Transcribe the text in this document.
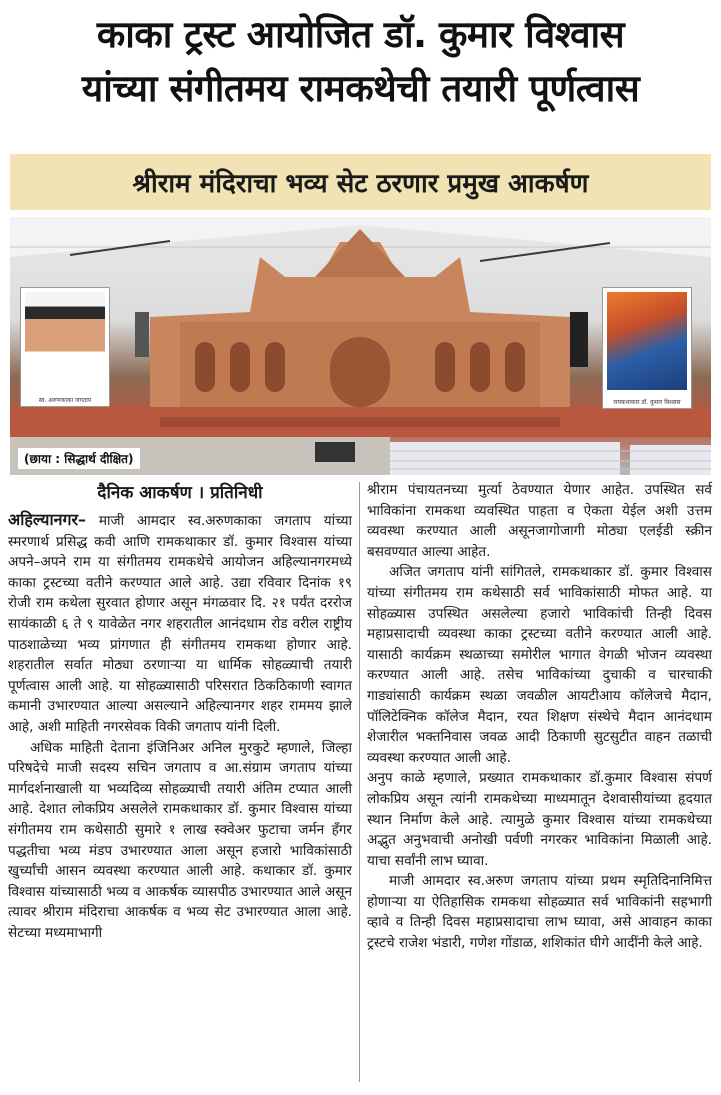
काका ट्रस्ट आयोजित डॉ. कुमार विश्वास
यांच्या संगीतमय रामकथेची तयारी पूर्णत्वास
श्रीराम मंदिराचा भव्य सेट ठरणार प्रमुख आकर्षण
स्व. अरुणकाका जगताप	रामकथाकार डॉ. कुमार विश्वास
(छाया : सिद्धार्थ दीक्षित)

दैनिक आकर्षण । प्रतिनिधी

अहिल्यानगर– माजी आमदार स्व.अरुणकाका जगताप यांच्या स्मरणार्थ प्रसिद्ध कवी आणि रामकथाकार डॉ. कुमार विश्वास यांच्या अपने–अपने राम या संगीतमय रामकथेचे आयोजन अहिल्यानगरमध्ये काका ट्रस्टच्या वतीने करण्यात आले आहे. उद्या रविवार दिनांक १९ रोजी राम कथेला सुरवात होणार असून मंगळवार दि. २१ पर्यंत दररोज सायंकाळी ६ ते ९ यावेळेत नगर शहरातील आनंदधाम रोड वरील राष्ट्रीय पाठशाळेच्या भव्य प्रांगणात ही संगीतमय रामकथा होणार आहे. शहरातील सर्वात मोठ्या ठरणाऱ्या या धार्मिक सोहळ्याची तयारी पूर्णत्वास आली आहे. या सोहळ्यासाठी परिसरात ठिकठिकाणी स्वागत कमानी उभारण्यात आल्या असल्याने अहिल्यानगर शहर राममय झाले आहे, अशी माहिती नगरसेवक विकी जगताप यांनी दिली.

अधिक माहिती देताना इंजिनिअर अनिल मुरकुटे म्हणाले, जिल्हा परिषदेचे माजी सदस्य सचिन जगताप व आ.संग्राम जगताप यांच्या मार्गदर्शनाखाली या भव्यदिव्य सोहळ्याची तयारी अंतिम टप्यात आली आहे. देशात लोकप्रिय असलेले रामकथाकार डॉ. कुमार विश्वास यांच्या संगीतमय राम कथेसाठी सुमारे १ लाख स्क्वेअर फुटाचा जर्मन हँगर पद्धतीचा भव्य मंडप उभारण्यात आला असून हजारो भाविकांसाठी खुर्च्यांची आसन व्यवस्था करण्यात आली आहे. कथाकार डॉ. कुमार विश्वास यांच्यासाठी भव्य व आकर्षक व्यासपीठ उभारण्यात आले असून त्यावर श्रीराम मंदिराचा आकर्षक व भव्य सेट उभारण्यात आला आहे. सेटच्या मध्यमाभागी

श्रीराम पंचायतनच्या मुर्त्या ठेवण्यात येणार आहेत. उपस्थित सर्व भाविकांना रामकथा व्यवस्थित पाहता व ऐकता येईल अशी उत्तम व्यवस्था करण्यात आली असूनजागोजागी मोठ्या एलईडी स्क्रीन बसवण्यात आल्या आहेत.

अजित जगताप यांनी सांगितले, रामकथाकार डॉ. कुमार विश्वास यांच्या संगीतमय राम कथेसाठी सर्व भाविकांसाठी मोफत आहे. या सोहळ्यास उपस्थित असलेल्या हजारो भाविकांची तिन्ही दिवस महाप्रसादाची व्यवस्था काका ट्रस्टच्या वतीने करण्यात आली आहे. यासाठी कार्यक्रम स्थळाच्या समोरील भागात वेगळी भोजन व्यवस्था करण्यात आली आहे. तसेच भाविकांच्या दुचाकी व चारचाकी गाड्यांसाठी कार्यक्रम स्थळा जवळील आयटीआय कॉलेजचे मैदान, पॉलिटेक्निक कॉलेज मैदान, रयत शिक्षण संस्थेचे मैदान आनंदधाम शेजारील भक्तनिवास जवळ आदी ठिकाणी सुटसुटीत वाहन तळाची व्यवस्था करण्यात आली आहे.

अनुप काळे म्हणाले, प्रख्यात रामकथाकार डॉ.कुमार विश्वास संपर्ण लोकप्रिय असून त्यांनी रामकथेच्या माध्यमातून देशवासीयांच्या हृदयात स्थान निर्माण केले आहे. त्यामुळे कुमार विश्वास यांच्या रामकथेच्या अद्भुत अनुभवाची अनोखी पर्वणी नगरकर भाविकांना मिळाली आहे. याचा सर्वांनी लाभ घ्यावा.

माजी आमदार स्व.अरुण जगताप यांच्या प्रथम स्मृतिदिनानिमित्त होणाऱ्या या ऐतिहासिक रामकथा सोहळ्यात सर्व भाविकांनी सहभागी व्हावे व तिन्ही दिवस महाप्रसादाचा लाभ घ्यावा, असे आवाहन काका ट्रस्टचे राजेश भंडारी, गणेश गोंडाळ, शशिकांत घीगे आदींनी केले आहे.
